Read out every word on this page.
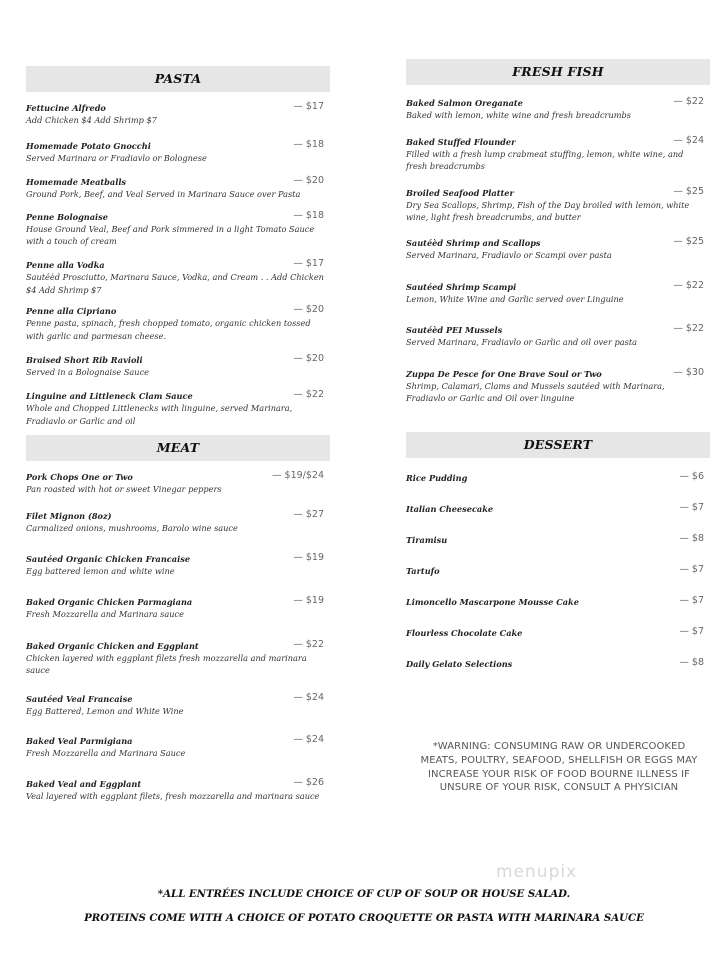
PASTA
Fettucine Alfredo
Add Chicken $4 Add Shrimp $7
— $17
Homemade Potato Gnocchi
Served Marinara or Fradiavlo or Bolognese
— $18
Homemade Meatballs
Ground Pork, Beef, and Veal Served in Marinara Sauce over Pasta
— $20
Penne Bolognaise
House Ground Veal, Beef and Pork simmered in a light Tomato Sauce with a touch of cream
— $18
Penne alla Vodka
Sautéèd Prosciutto, Marinara Sauce, Vodka, and Cream . . Add Chicken $4 Add Shrimp $7
— $17
Penne alla Cipriano
Penne pasta, spinach, fresh chopped tomato, organic chicken tossed with garlic and parmesan cheese.
— $20
Braised Short Rib Ravioli
Served in a Bolognaise Sauce
— $20
Linguine and Littleneck Clam Sauce
Whole and Chopped Littlenecks with linguine, served Marinara, Fradiavlo or Garlic and oil
— $22
MEAT
Pork Chops One or Two
Pan roasted with hot or sweet Vinegar peppers
— $19/$24
Filet Mignon (8oz)
Carmalized onions, mushrooms, Barolo wine sauce
— $27
Sautéed Organic Chicken Francaise
Egg battered lemon and white wine
— $19
Baked Organic Chicken Parmagiana
Fresh Mozzarella and Marinara sauce
— $19
Baked Organic Chicken and Eggplant
Chicken layered with eggplant filets fresh mozzarella and marinara sauce
— $22
Sautéed Veal Francaise
Egg Battered, Lemon and White Wine
— $24
Baked Veal Parmigiana
Fresh Mozzarella and Marinara Sauce
— $24
Baked Veal and Eggplant
Veal layered with eggplant filets, fresh mozzarella and marinara sauce
— $26
FRESH FISH
Baked Salmon Oreganate
Baked with lemon, white wine and fresh breadcrumbs
— $22
Baked Stuffed Flounder
Filled with a fresh lump crabmeat stuffing, lemon, white wine, and fresh breadcrumbs
— $24
Broiled Seafood Platter
Dry Sea Scallops, Shrimp, Fish of the Day broiled with lemon, white wine, light fresh breadcrumbs, and butter
— $25
Sautéèd Shrimp and Scallops
Served Marinara, Fradiavlo or Scampi over pasta
— $25
Sautéed Shrimp Scampi
Lemon, White Wine and Garlic served over Linguine
— $22
Sautéèd PEI Mussels
Served Marinara, Fradiavlo or Garlic and oil over pasta
— $22
Zuppa De Pesce for One Brave Soul or Two
Shrimp, Calamari, Clams and Mussels sautéed with Marinara, Fradiavlo or Garlic and Oil over linguine
— $30
DESSERT
Rice Pudding	— $6
Italian Cheesecake	— $7
Tiramisu	— $8
Tartufo	— $7
Limoncello Mascarpone Mousse Cake	— $7
Flourless Chocolate Cake	— $7
Daily Gelato Selections	— $8
*WARNING: CONSUMING RAW OR UNDERCOOKED MEATS, POULTRY, SEAFOOD, SHELLFISH OR EGGS MAY INCREASE YOUR RISK OF FOOD BOURNE ILLNESS IF UNSURE OF YOUR RISK, CONSULT A PHYSICIAN
menupix
*ALL ENTRÉES INCLUDE CHOICE OF CUP OF SOUP OR HOUSE SALAD.
PROTEINS COME WITH A CHOICE OF POTATO CROQUETTE OR PASTA WITH MARINARA SAUCE
